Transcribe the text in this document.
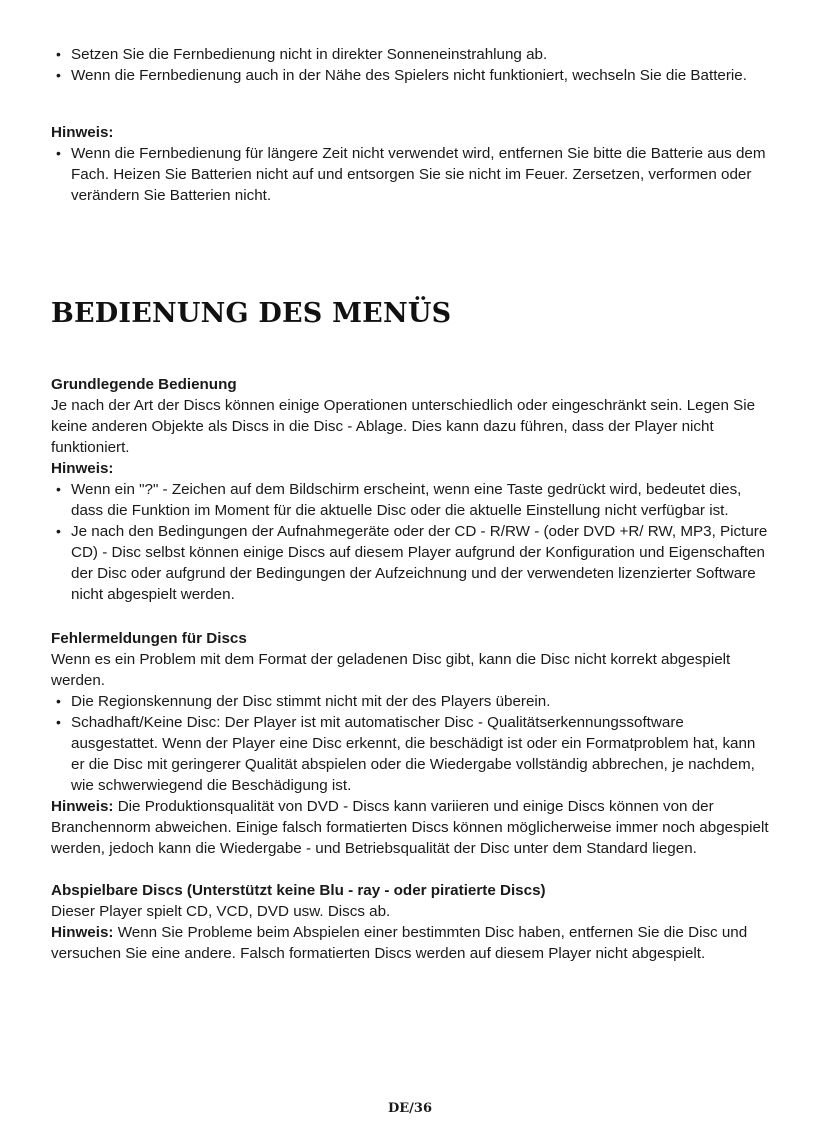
• Setzen Sie die Fernbedienung nicht in direkter Sonneneinstrahlung ab.
• Wenn die Fernbedienung auch in der Nähe des Spielers nicht funktioniert, wechseln Sie die Batterie.

Hinweis:

• Wenn die Fernbedienung für längere Zeit nicht verwendet wird, entfernen Sie bitte die Batterie aus dem Fach. Heizen Sie Batterien nicht auf und entsorgen Sie sie nicht im Feuer. Zersetzen, verformen oder verändern Sie Batterien nicht.
BEDIENUNG DES MENÜS

Grundlegende Bedienung

Je nach der Art der Discs können einige Operationen unterschiedlich oder eingeschränkt sein. Legen Sie keine anderen Objekte als Discs in die Disc - Ablage. Dies kann dazu führen, dass der Player nicht funktioniert.

Hinweis:

• Wenn ein "?" - Zeichen auf dem Bildschirm erscheint, wenn eine Taste gedrückt wird, bedeutet dies, dass die Funktion im Moment für die aktuelle Disc oder die aktuelle Einstellung nicht verfügbar ist.
• Je nach den Bedingungen der Aufnahmegeräte oder der CD - R/RW - (oder DVD +R/ RW, MP3, Picture CD) - Disc selbst können einige Discs auf diesem Player aufgrund der Konfiguration und Eigenschaften der Disc oder aufgrund der Bedingungen der Aufzeichnung und der verwendeten lizenzierter Software nicht abgespielt werden.

Fehlermeldungen für Discs

Wenn es ein Problem mit dem Format der geladenen Disc gibt, kann die Disc nicht korrekt abgespielt werden.

• Die Regionskennung der Disc stimmt nicht mit der des Players überein.
• Schadhaft/Keine Disc: Der Player ist mit automatischer Disc - Qualitätserkennungssoftware ausgestattet. Wenn der Player eine Disc erkennt, die beschädigt ist oder ein Formatproblem hat, kann er die Disc mit geringerer Qualität abspielen oder die Wiedergabe vollständig abbrechen, je nachdem, wie schwerwiegend die Beschädigung ist.

Hinweis: Die Produktionsqualität von DVD - Discs kann variieren und einige Discs können von der Branchennorm abweichen. Einige falsch formatierten Discs können möglicherweise immer noch abgespielt werden, jedoch kann die Wiedergabe - und Betriebsqualität der Disc unter dem Standard liegen.

Abspielbare Discs (Unterstützt keine Blu - ray - oder piratierte Discs)

Dieser Player spielt CD, VCD, DVD usw. Discs ab.

Hinweis: Wenn Sie Probleme beim Abspielen einer bestimmten Disc haben, entfernen Sie die Disc und versuchen Sie eine andere. Falsch formatierten Discs werden auf diesem Player nicht abgespielt.

DE/36
